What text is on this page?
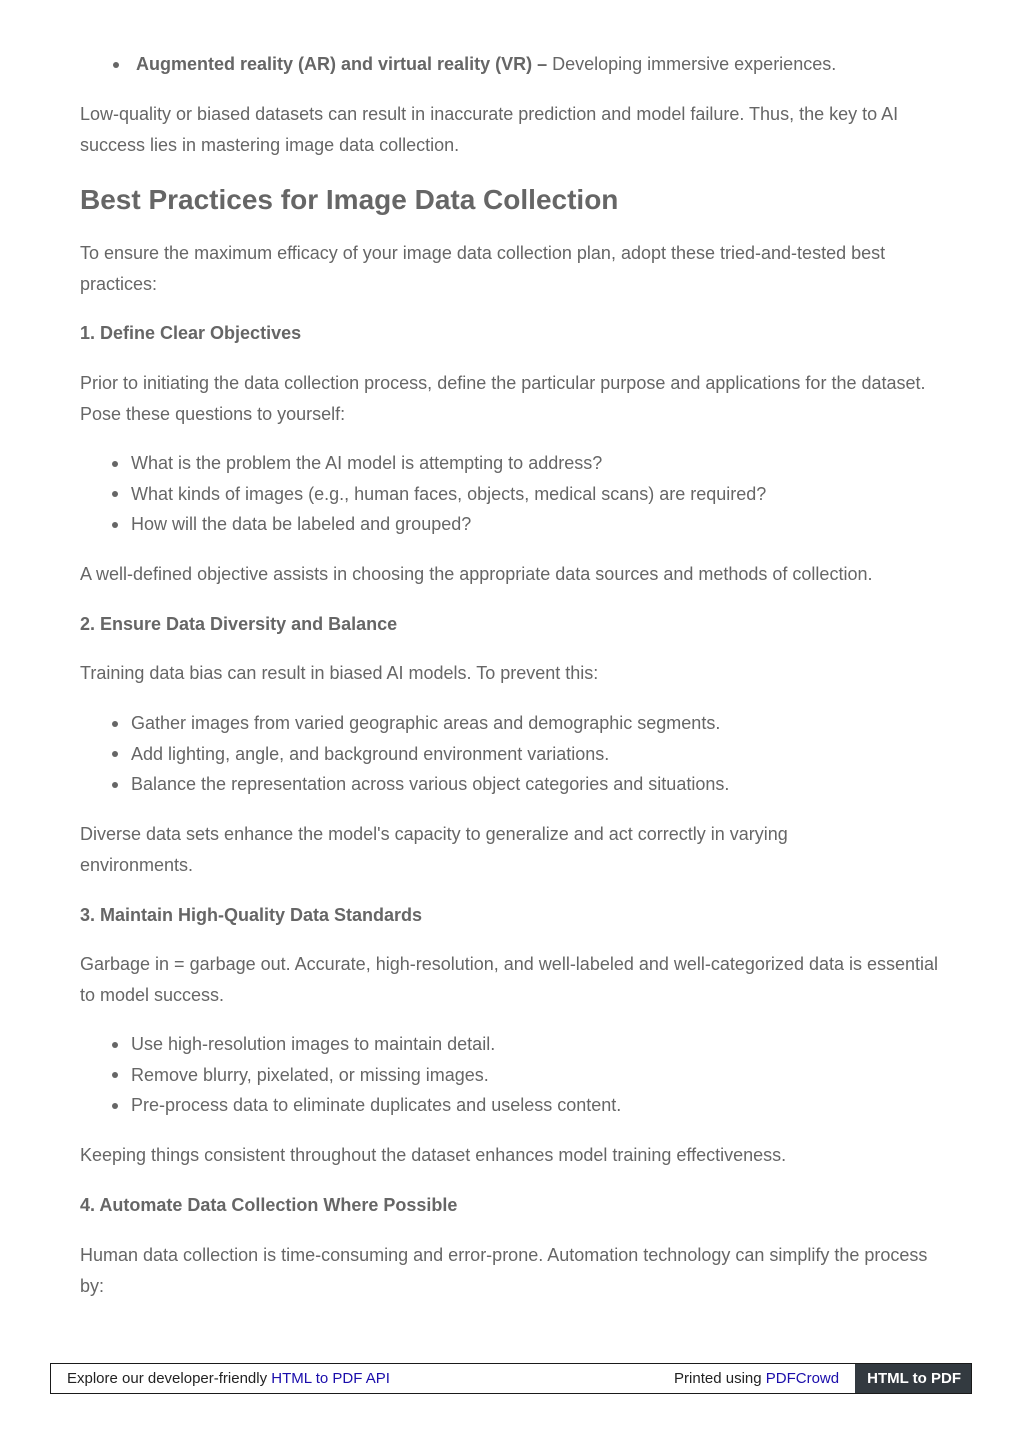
Augmented reality (AR) and virtual reality (VR) – Developing immersive experiences.

Low-quality or biased datasets can result in inaccurate prediction and model failure. Thus, the key to AI success lies in mastering image data collection.

Best Practices for Image Data Collection

To ensure the maximum efficacy of your image data collection plan, adopt these tried-and-tested best practices:

1. Define Clear Objectives

Prior to initiating the data collection process, define the particular purpose and applications for the dataset. Pose these questions to yourself:

What is the problem the AI model is attempting to address?
What kinds of images (e.g., human faces, objects, medical scans) are required?
How will the data be labeled and grouped?

A well-defined objective assists in choosing the appropriate data sources and methods of collection.

2. Ensure Data Diversity and Balance

Training data bias can result in biased AI models. To prevent this:

Gather images from varied geographic areas and demographic segments.
Add lighting, angle, and background environment variations.
Balance the representation across various object categories and situations.

Diverse data sets enhance the model's capacity to generalize and act correctly in varying environments.

3. Maintain High-Quality Data Standards

Garbage in = garbage out. Accurate, high-resolution, and well-labeled and well-categorized data is essential to model success.

Use high-resolution images to maintain detail.
Remove blurry, pixelated, or missing images.
Pre-process data to eliminate duplicates and useless content.

Keeping things consistent throughout the dataset enhances model training effectiveness.

4. Automate Data Collection Where Possible

Human data collection is time-consuming and error-prone. Automation technology can simplify the process by:

Explore our developer-friendly HTML to PDF API	Printed using PDFCrowd	HTML to PDF
